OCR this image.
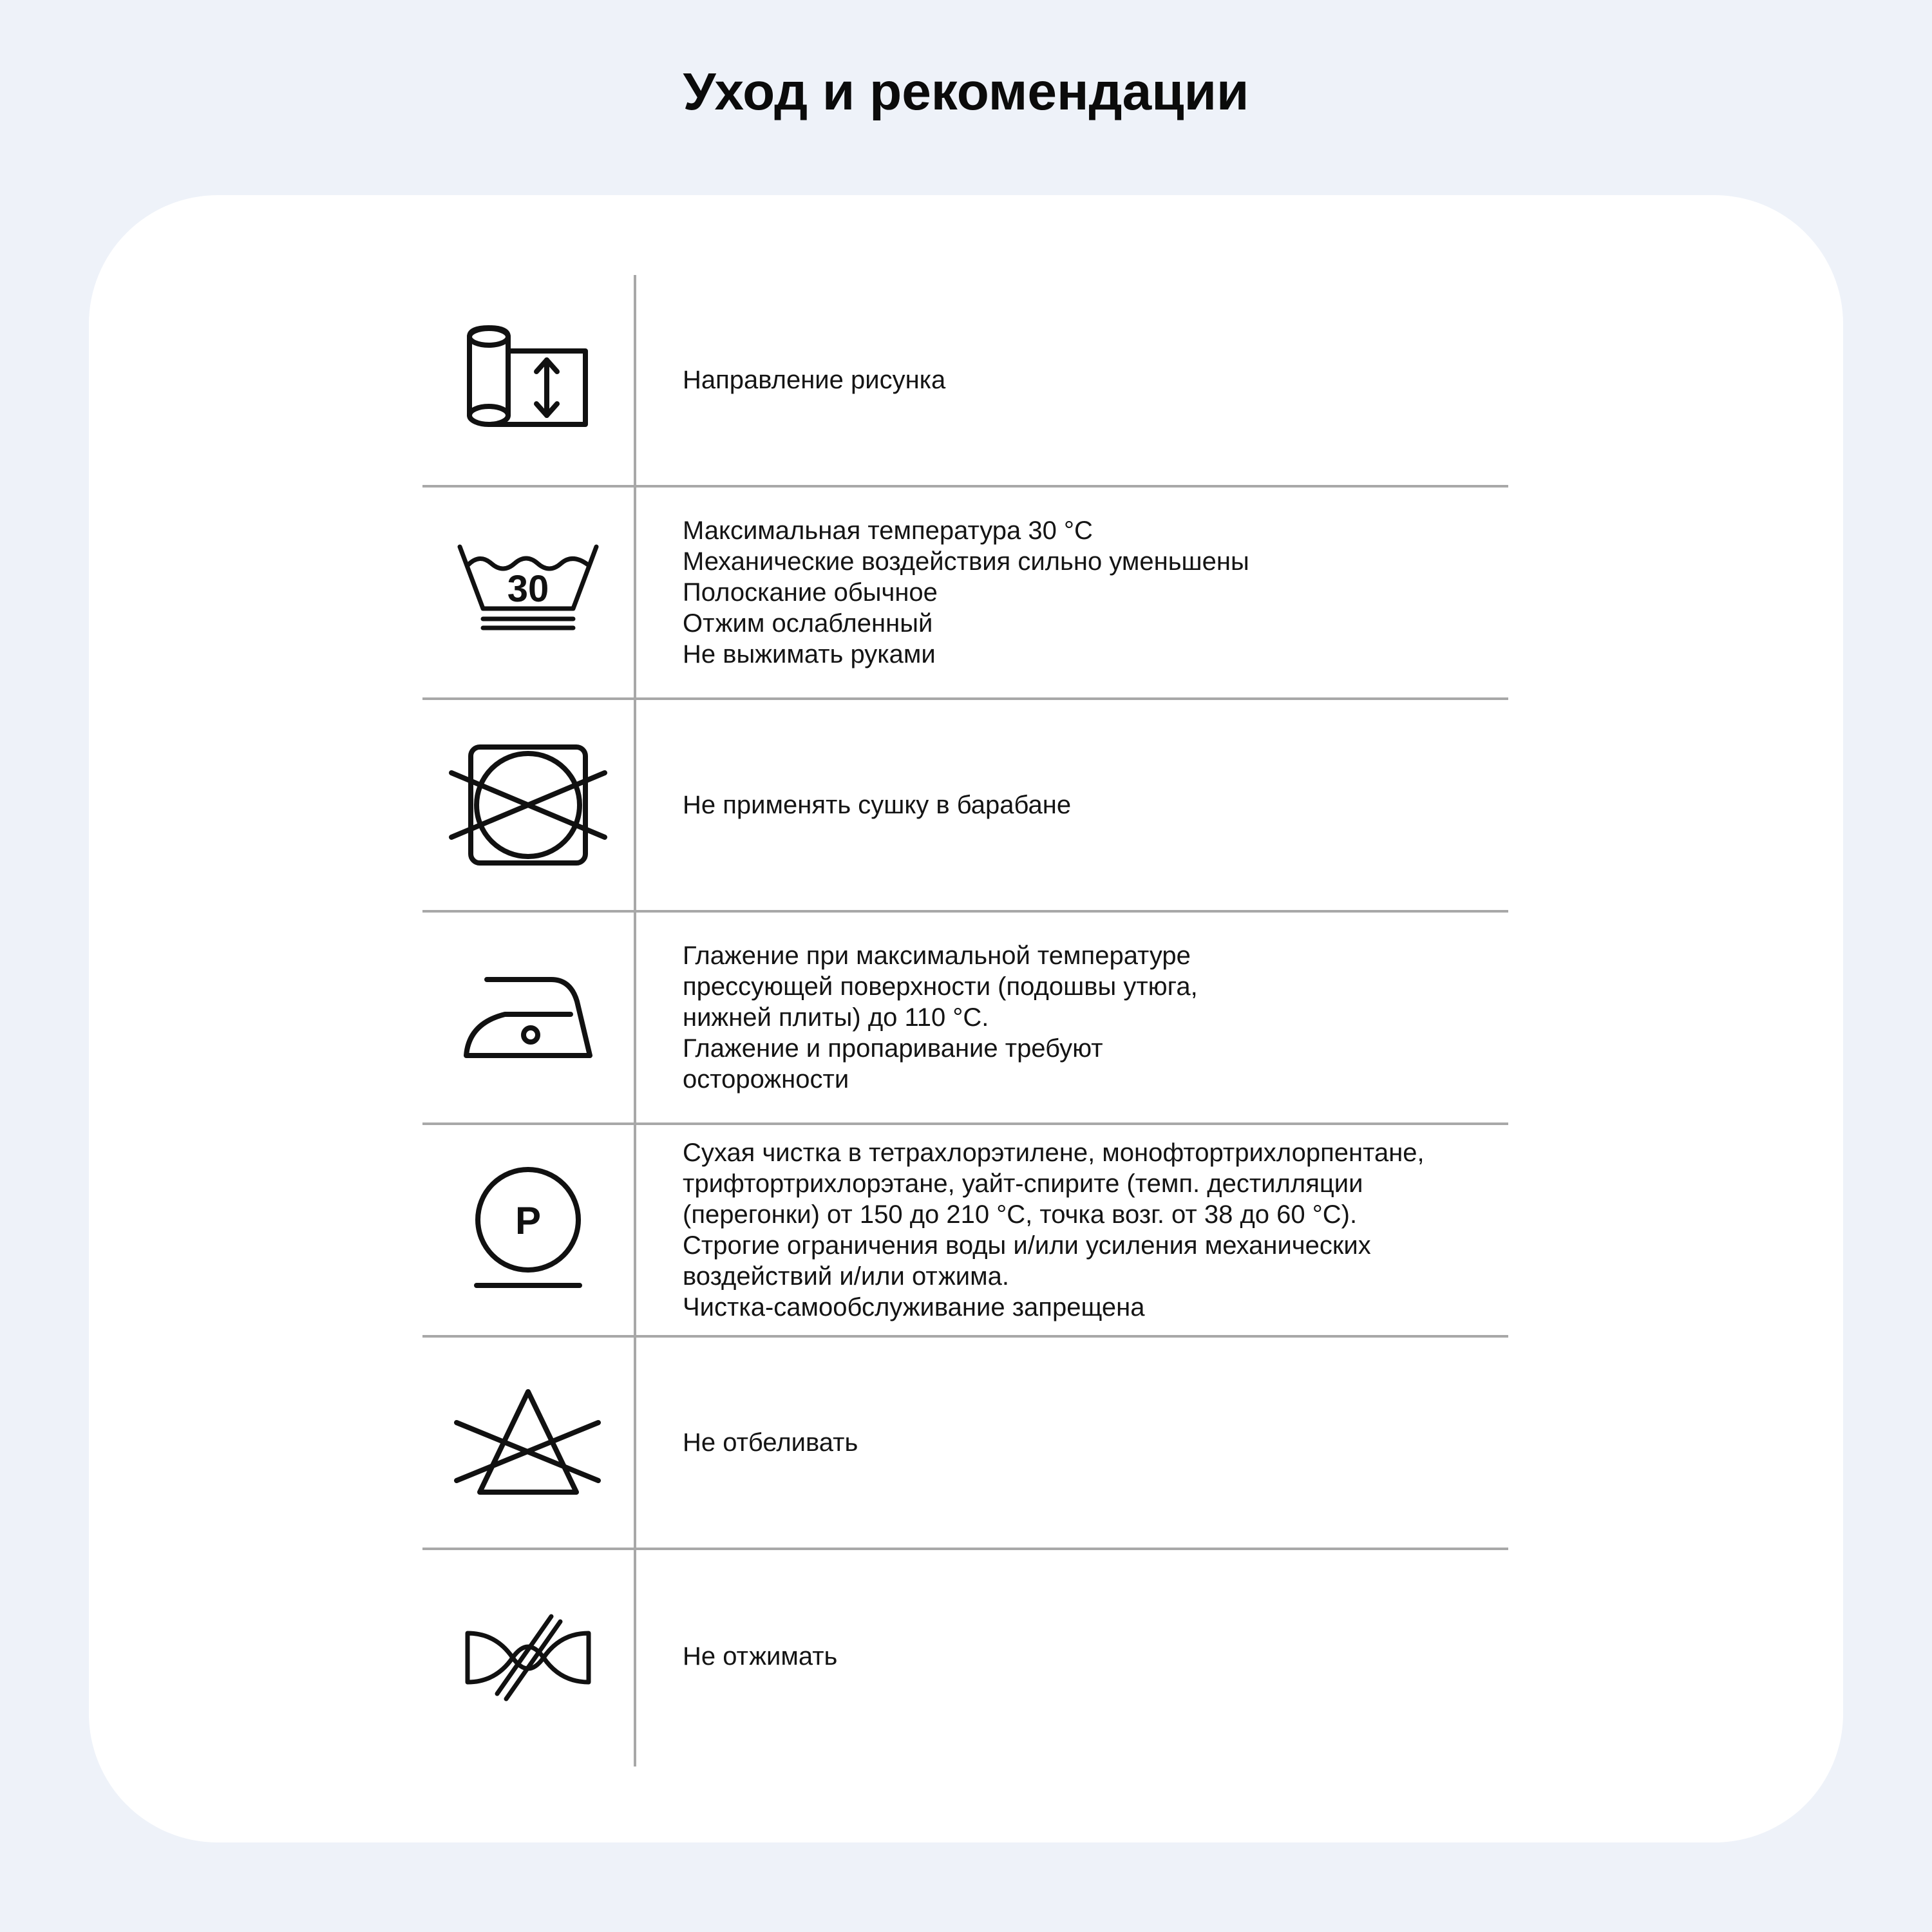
Уход и рекомендации
Направление рисунка
30
Максимальная температура 30 °С
Механические воздействия сильно уменьшены
Полоскание обычное
Отжим ослабленный
Не выжимать руками
Не применять сушку в барабане
Глажение при максимальной температуре
прессующей поверхности (подошвы утюга,
нижней плиты) до 110 °С.
Глажение и пропаривание требуют
осторожности
P
Сухая чистка в тетрахлорэтилене, монофтортрихлорпентане,
трифтортрихлорэтане, уайт-спирите (темп. дестилляции
(перегонки) от 150 до 210 °С, точка возг. от 38 до 60 °С).
Строгие ограничения воды и/или усиления механических
воздействий и/или отжима.
Чистка-самообслуживание запрещена
Не отбеливать
Не отжимать
